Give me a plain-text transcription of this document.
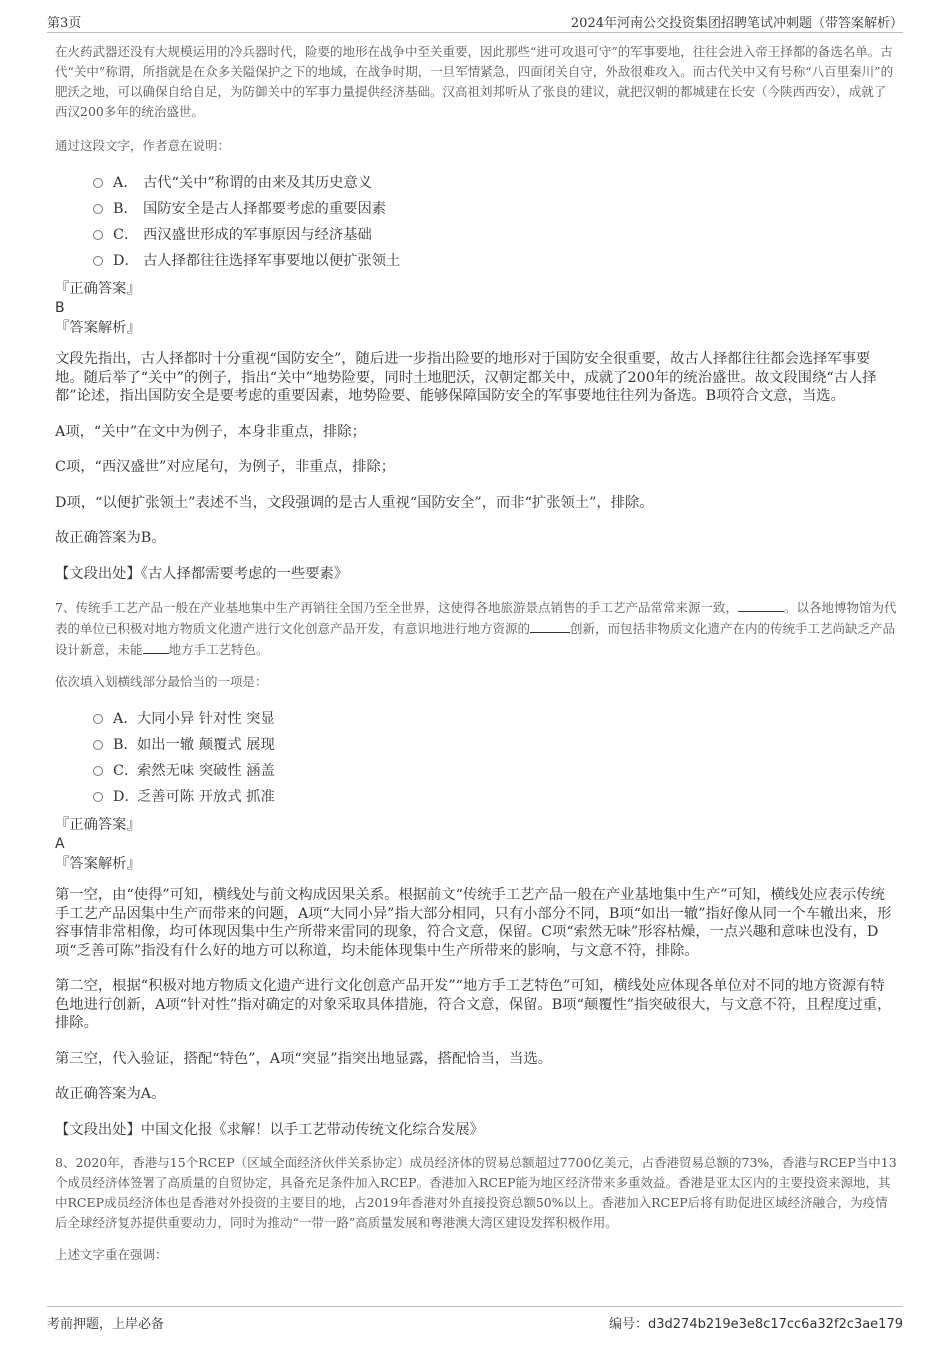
第3页	2024年河南公交投资集团招聘笔试冲刺题（带答案解析）

在火药武器还没有大规模运用的冷兵器时代，险要的地形在战争中至关重要，因此那些“进可攻退可守”的军事要地，往往会进入帝王择都的备选名单。古代“关中”称谓，所指就是在众多关隘保护之下的地域，在战争时期，一旦军情紧急，四面闭关自守，外敌很难攻入。而古代关中又有号称“八百里秦川”的肥沃之地，可以确保自给自足，为防御关中的军事力量提供经济基础。汉高祖刘邦听从了张良的建议，就把汉朝的都城建在长安（今陕西西安），成就了西汉200多年的统治盛世。

通过这段文字，作者意在说明：

A． 古代“关中”称谓的由来及其历史意义
B． 国防安全是古人择都要考虑的重要因素
C． 西汉盛世形成的军事原因与经济基础
D． 古人择都往往选择军事要地以便扩张领土

『正确答案』

B

『答案解析』

文段先指出，古人择都时十分重视“国防安全”，随后进一步指出险要的地形对于国防安全很重要，故古人择都往往都会选择军事要地。随后举了“关中”的例子，指出“关中”地势险要，同时土地肥沃，汉朝定都关中，成就了200年的统治盛世。故文段围绕“古人择都”论述，指出国防安全是要考虑的重要因素，地势险要、能够保障国防安全的军事要地往往列为备选。B项符合文意，当选。

A项，“关中”在文中为例子，本身非重点，排除；

C项，“西汉盛世”对应尾句，为例子，非重点，排除；

D项，“以便扩张领土”表述不当，文段强调的是古人重视“国防安全”，而非“扩张领土”，排除。

故正确答案为B。

【文段出处】《古人择都需要考虑的一些要素》

7、传统手工艺产品一般在产业基地集中生产再销往全国乃至全世界，这使得各地旅游景点销售的手工艺产品常常来源一致，	。以各地博物馆为代表的单位已积极对地方物质文化遗产进行文化创意产品开发，有意识地进行地方资源的	创新，而包括非物质文化遗产在内的传统手工艺尚缺乏产品设计新意，未能 地方手工艺特色。

依次填入划横线部分最恰当的一项是：

A． 大同小异 针对性 突显
B． 如出一辙 颠覆式 展现
C．
索然无味 突破性 涵盖
D．
乏善可陈 开放式 抓准

『正确答案』

A

『答案解析』

第一空，由“使得”可知，横线处与前文构成因果关系。根据前文“传统手工艺产品一般在产业基地集中生产”可知，横线处应表示传统手工艺产品因集中生产而带来的问题，A项“大同小异”指大部分相同，只有小部分不同，B项“如出一辙”指好像从同一个车辙出来，形容事情非常相像，均可体现因集中生产所带来雷同的现象，符合文意，保留。C项“索然无味”形容枯燥，一点兴趣和意味也没有，D项“乏善可陈”指没有什么好的地方可以称道，均未能体现集中生产所带来的影响，与文意不符，排除。

第二空，根据“积极对地方物质文化遗产进行文化创意产品开发”“地方手工艺特色”可知，横线处应体现各单位对不同的地方资源有特色地进行创新，A项“针对性”指对确定的对象采取具体措施，符合文意，保留。B项“颠覆性”指突破很大，与文意不符，且程度过重，排除。

第三空，代入验证，搭配“特色”，A项“突显”指突出地显露，搭配恰当，当选。

故正确答案为A。

【文段出处】中国文化报《求解！以手工艺带动传统文化综合发展》

8、2020年，香港与15个RCEP（区域全面经济伙伴关系协定）成员经济体的贸易总额超过7700亿美元，占香港贸易总额的73%，香港与RCEP当中13个成员经济体签署了高质量的自贸协定，具备充足条件加入RCEP。香港加入RCEP能为地区经济带来多重效益。香港是亚太区内的主要投资来源地，其中RCEP成员经济体也是香港对外投资的主要目的地，占2019年香港对外直接投资总额50%以上。香港加入RCEP后将有助促进区域经济融合，为疫情后全球经济复苏提供重要动力，同时为推动“一带一路”高质量发展和粤港澳大湾区建设发挥积极作用。

上述文字重在强调：

考前押题，上岸必备	编号：d3d274b219e3e8c17cc6a32f2c3ae179
